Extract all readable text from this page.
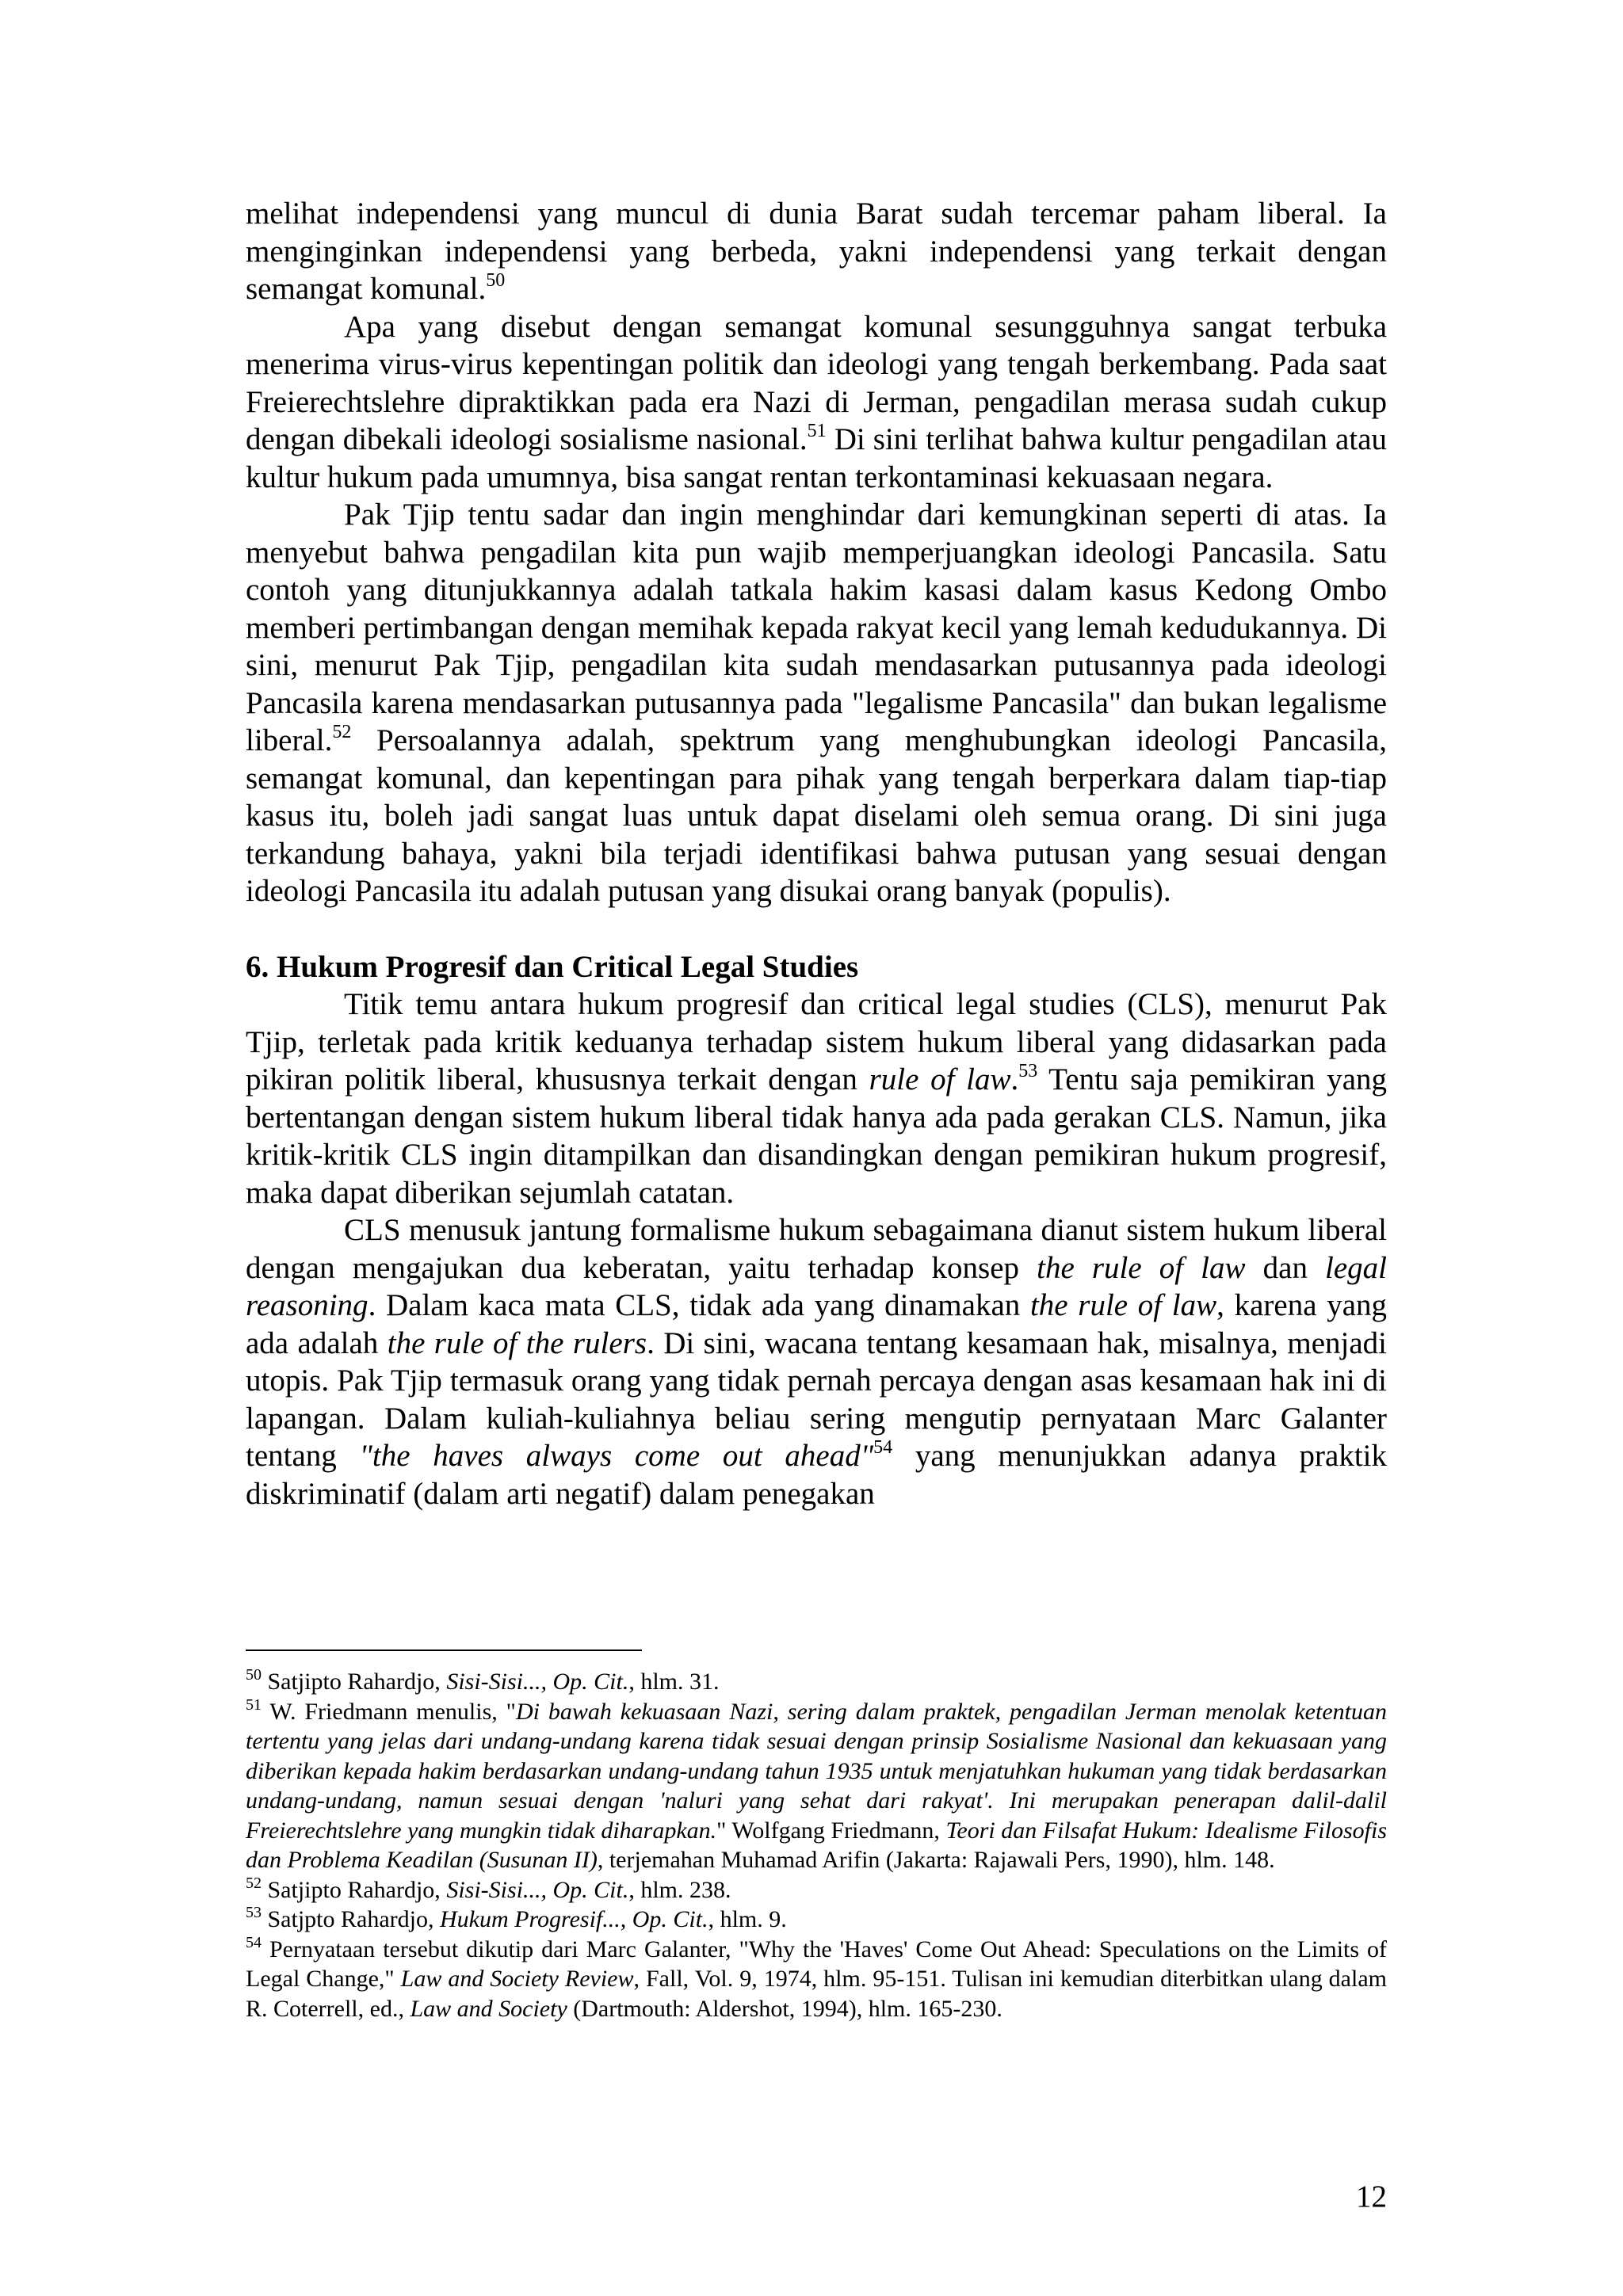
melihat independensi yang muncul di dunia Barat sudah tercemar paham liberal. Ia menginginkan independensi yang berbeda, yakni independensi yang terkait dengan semangat komunal.$^{50}$

Apa yang disebut dengan semangat komunal sesungguhnya sangat terbuka menerima virus-virus kepentingan politik dan ideologi yang tengah berkembang. Pada saat Freierechtslehre dipraktikkan pada era Nazi di Jerman, pengadilan merasa sudah cukup dengan dibekali ideologi sosialisme nasional.$^{51}$ Di sini terlihat bahwa kultur pengadilan atau kultur hukum pada umumnya, bisa sangat rentan terkontaminasi kekuasaan negara.

Pak Tjip tentu sadar dan ingin menghindar dari kemungkinan seperti di atas. Ia menyebut bahwa pengadilan kita pun wajib memperjuangkan ideologi Pancasila. Satu contoh yang ditunjukkannya adalah tatkala hakim kasasi dalam kasus Kedong Ombo memberi pertimbangan dengan memihak kepada rakyat kecil yang lemah kedudukannya. Di sini, menurut Pak Tjip, pengadilan kita sudah mendasarkan putusannya pada ideologi Pancasila karena mendasarkan putusannya pada "legalisme Pancasila" dan bukan legalisme liberal.$^{52}$ Persoalannya adalah, spektrum yang menghubungkan ideologi Pancasila, semangat komunal, dan kepentingan para pihak yang tengah berperkara dalam tiap-tiap kasus itu, boleh jadi sangat luas untuk dapat diselami oleh semua orang. Di sini juga terkandung bahaya, yakni bila terjadi identifikasi bahwa putusan yang sesuai dengan ideologi Pancasila itu adalah putusan yang disukai orang banyak (populis).

6. Hukum Progresif dan Critical Legal Studies

Titik temu antara hukum progresif dan critical legal studies (CLS), menurut Pak Tjip, terletak pada kritik keduanya terhadap sistem hukum liberal yang didasarkan pada pikiran politik liberal, khususnya terkait dengan rule of law.$^{53}$ Tentu saja pemikiran yang bertentangan dengan sistem hukum liberal tidak hanya ada pada gerakan CLS. Namun, jika kritik-kritik CLS ingin ditampilkan dan disandingkan dengan pemikiran hukum progresif, maka dapat diberikan sejumlah catatan.

CLS menusuk jantung formalisme hukum sebagaimana dianut sistem hukum liberal dengan mengajukan dua keberatan, yaitu terhadap konsep the rule of law dan legal reasoning. Dalam kaca mata CLS, tidak ada yang dinamakan the rule of law, karena yang ada adalah the rule of the rulers. Di sini, wacana tentang kesamaan hak, misalnya, menjadi utopis. Pak Tjip termasuk orang yang tidak pernah percaya dengan asas kesamaan hak ini di lapangan. Dalam kuliah-kuliahnya beliau sering mengutip pernyataan Marc Galanter tentang "the haves always come out ahead"$^{54}$ yang menunjukkan adanya praktik diskriminatif (dalam arti negatif) dalam penegakan

$^{50}$ Satjipto Rahardjo, Sisi-Sisi..., Op. Cit., hlm. 31.

$^{51}$ W. Friedmann menulis, "Di bawah kekuasaan Nazi, sering dalam praktek, pengadilan Jerman menolak ketentuan tertentu yang jelas dari undang-undang karena tidak sesuai dengan prinsip Sosialisme Nasional dan kekuasaan yang diberikan kepada hakim berdasarkan undang-undang tahun 1935 untuk menjatuhkan hukuman yang tidak berdasarkan undang-undang, namun sesuai dengan 'naluri yang sehat dari rakyat'. Ini merupakan penerapan dalil-dalil Freierechtslehre yang mungkin tidak diharapkan." Wolfgang Friedmann, Teori dan Filsafat Hukum: Idealisme Filosofis dan Problema Keadilan (Susunan II), terjemahan Muhamad Arifin (Jakarta: Rajawali Pers, 1990), hlm. 148.

$^{52}$ Satjipto Rahardjo, Sisi-Sisi..., Op. Cit., hlm. 238.

$^{53}$ Satjpto Rahardjo, Hukum Progresif..., Op. Cit., hlm. 9.

$^{54}$ Pernyataan tersebut dikutip dari Marc Galanter, "Why the 'Haves' Come Out Ahead: Speculations on the Limits of Legal Change," Law and Society Review, Fall, Vol. 9, 1974, hlm. 95-151. Tulisan ini kemudian diterbitkan ulang dalam R. Coterrell, ed., Law and Society (Dartmouth: Aldershot, 1994), hlm. 165-230.

12
